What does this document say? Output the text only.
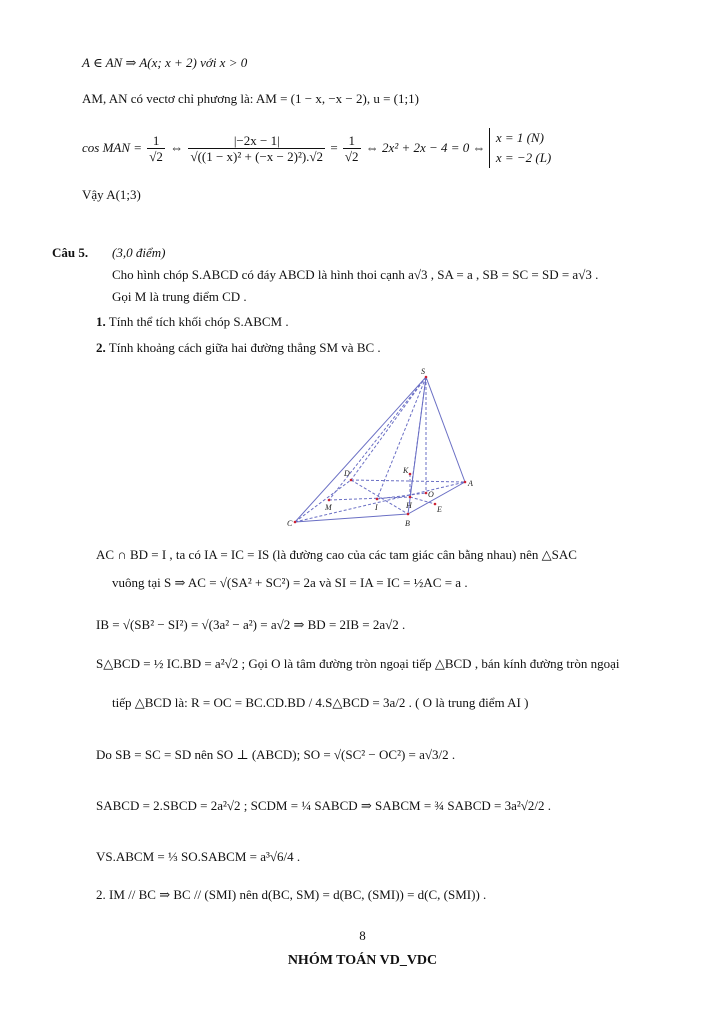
A ∈ AN ⇒ A(x; x + 2) với x > 0
AM, AN có vectơ chỉ phương là: AM = (1 − x, −x − 2), u = (1;1)
cos MAN = $\frac{1}{√2}$ ⇔ $\frac{|-2x - 1|}{\text{√((1 − x)² + (−x − 2)²).√2}} = \frac{1}{√2}$ ⇔ 2x² + 2x − 4 = 0 ⇔
x = 1 (N)
x = −2 (L)
Vậy A(1;3)
Câu 5. (3,0 điểm)
Cho hình chóp S.ABCD có đáy ABCD là hình thoi cạnh a√3 , SA = a , SB = SC = SD = a√3 .
Gọi M là trung điểm CD .
1. Tính thể tích khối chóp S.ABCM .
2. Tính khoảng cách giữa hai đường thẳng SM và BC .
S
A
B
C
D
M	I	H
K
O
E
AC ∩ BD = I , ta có IA = IC = IS (là đường cao của các tam giác cân bằng nhau) nên △SAC
vuông tại S ⇒ AC = √(SA² + SC²) = 2a và SI = IA = IC = ½AC = a .
IB = √(SB² − SI²) = √(3a² − a²) = a√2 ⇒ BD = 2IB = 2a√2 .
S△BCD = ½ IC.BD = a²√2 ; Gọi O là tâm đường tròn ngoại tiếp △BCD , bán kính đường tròn ngoại
tiếp △BCD là: R = OC = BC.CD.BD / 4.S△BCD = 3a/2 . ( O là trung điểm AI )
Do SB = SC = SD nên SO ⊥ (ABCD); SO = √(SC² − OC²) = a√3/2 .
SABCD = 2.SBCD = 2a²√2 ; SCDM = ¼ SABCD ⇒ SABCM = ¾ SABCD = 3a²√2/2 .
VS.ABCM = ⅓ SO.SABCM = a³√6/4 .
2. IM // BC ⇒ BC // (SMI) nên d(BC, SM) = d(BC, (SMI)) = d(C, (SMI)) .
8
NHÓM TOÁN VD_VDC
